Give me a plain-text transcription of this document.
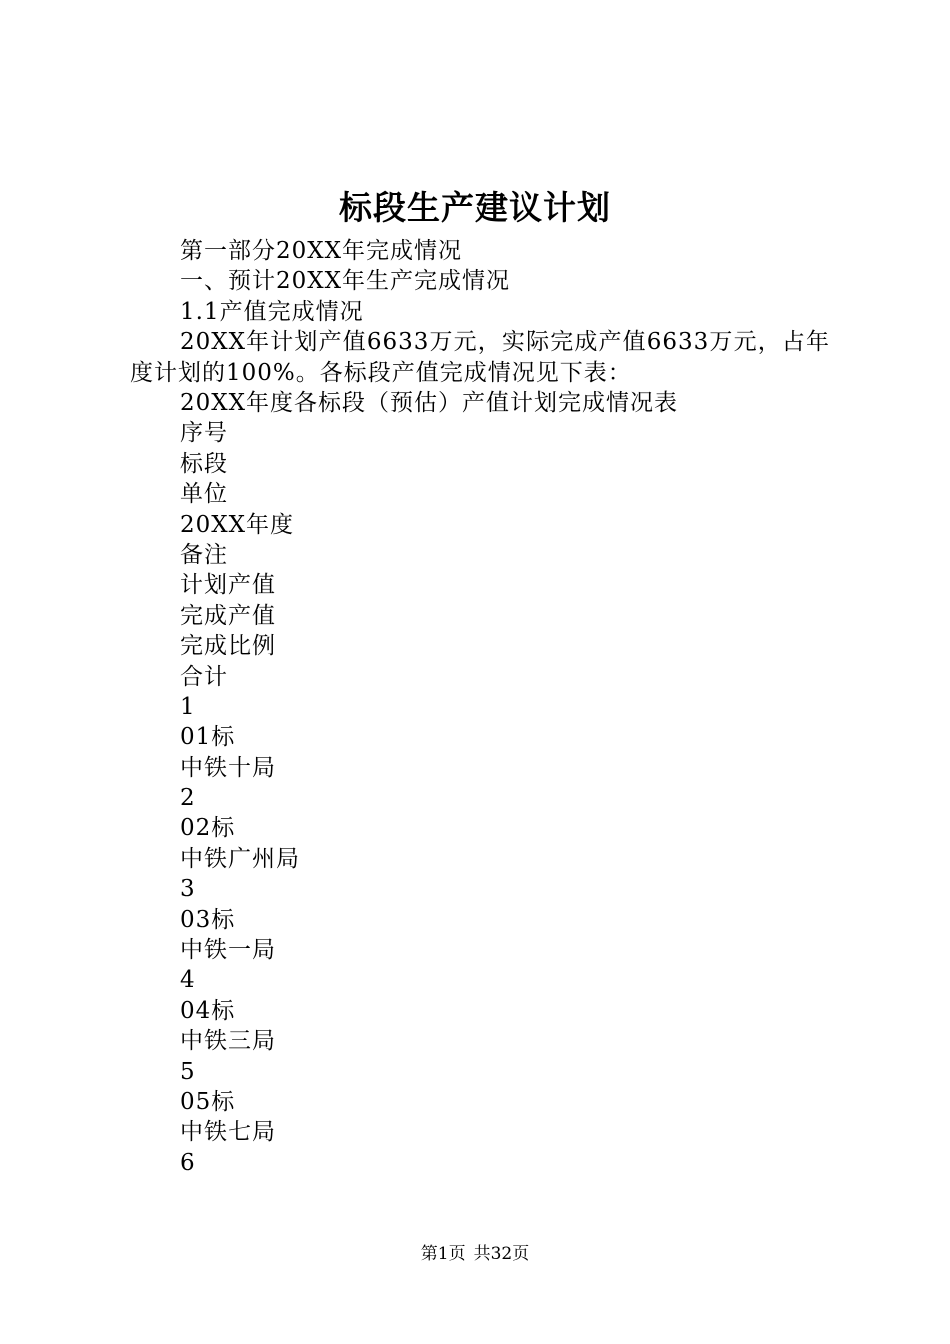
标段生产建议计划
第一部分20XX年完成情况
一、预计20XX年生产完成情况
1.1产值完成情况
20XX年计划产值6633万元，实际完成产值6633万元，占年度计划的100%。各标段产值完成情况见下表：
20XX年度各标段（预估）产值计划完成情况表
序号
标段
单位
20XX年度
备注
计划产值
完成产值
完成比例
合计
1
01标
中铁十局
2
02标
中铁广州局
3
03标
中铁一局
4
04标
中铁三局
5
05标
中铁七局
6
第1页 共32页
